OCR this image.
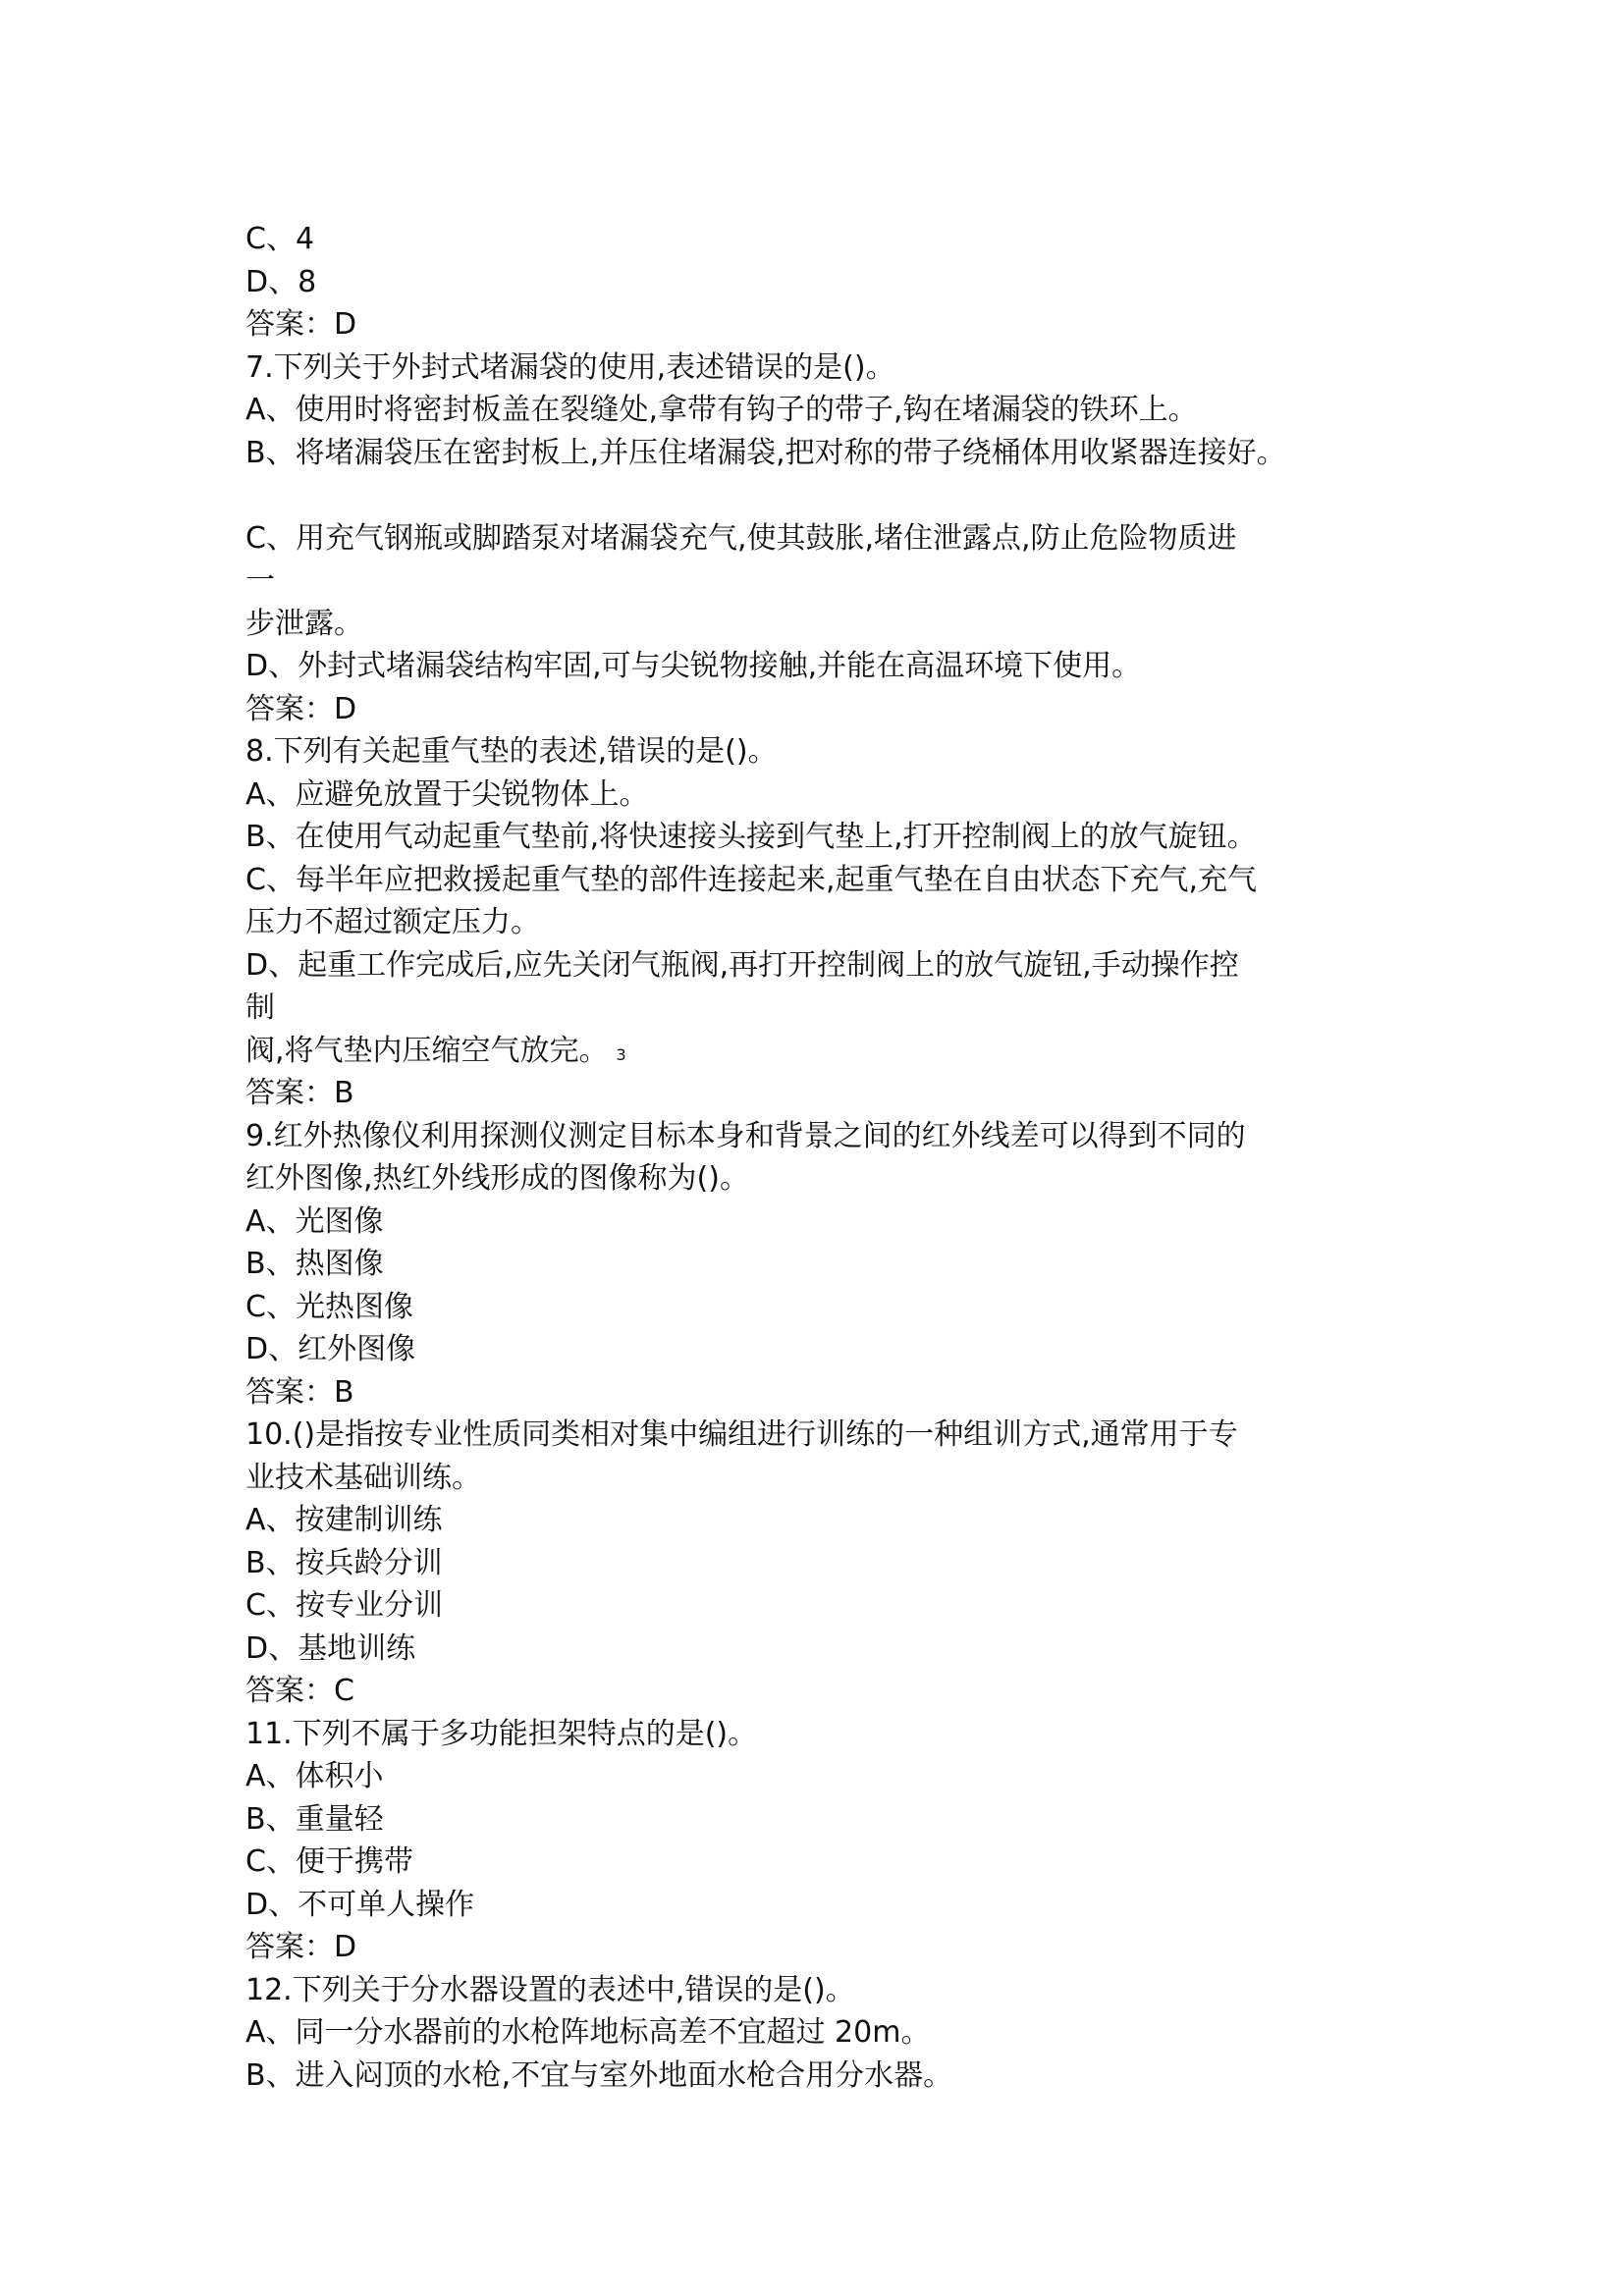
C、4
D、8
答案：D
7.下列关于外封式堵漏袋的使用,表述错误的是()。
A、使用时将密封板盖在裂缝处,拿带有钩子的带子,钩在堵漏袋的铁环上。
B、将堵漏袋压在密封板上,并压住堵漏袋,把对称的带子绕桶体用收紧器连接好。
C、用充气钢瓶或脚踏泵对堵漏袋充气,使其鼓胀,堵住泄露点,防止危险物质进
一
步泄露。
D、外封式堵漏袋结构牢固,可与尖锐物接触,并能在高温环境下使用。
答案：D
8.下列有关起重气垫的表述,错误的是()。
A、应避免放置于尖锐物体上。
B、在使用气动起重气垫前,将快速接头接到气垫上,打开控制阀上的放气旋钮。
C、每半年应把救援起重气垫的部件连接起来,起重气垫在自由状态下充气,充气
压力不超过额定压力。
D、起重工作完成后,应先关闭气瓶阀,再打开控制阀上的放气旋钮,手动操作控
制
阀,将气垫内压缩空气放完。 3
答案：B
9.红外热像仪利用探测仪测定目标本身和背景之间的红外线差可以得到不同的
红外图像,热红外线形成的图像称为()。
A、光图像
B、热图像
C、光热图像
D、红外图像
答案：B
10.()是指按专业性质同类相对集中编组进行训练的一种组训方式,通常用于专
业技术基础训练。
A、按建制训练
B、按兵龄分训
C、按专业分训
D、基地训练
答案：C
11.下列不属于多功能担架特点的是()。
A、体积小
B、重量轻
C、便于携带
D、不可单人操作
答案：D
12.下列关于分水器设置的表述中,错误的是()。
A、同一分水器前的水枪阵地标高差不宜超过 20m。
B、进入闷顶的水枪,不宜与室外地面水枪合用分水器。
